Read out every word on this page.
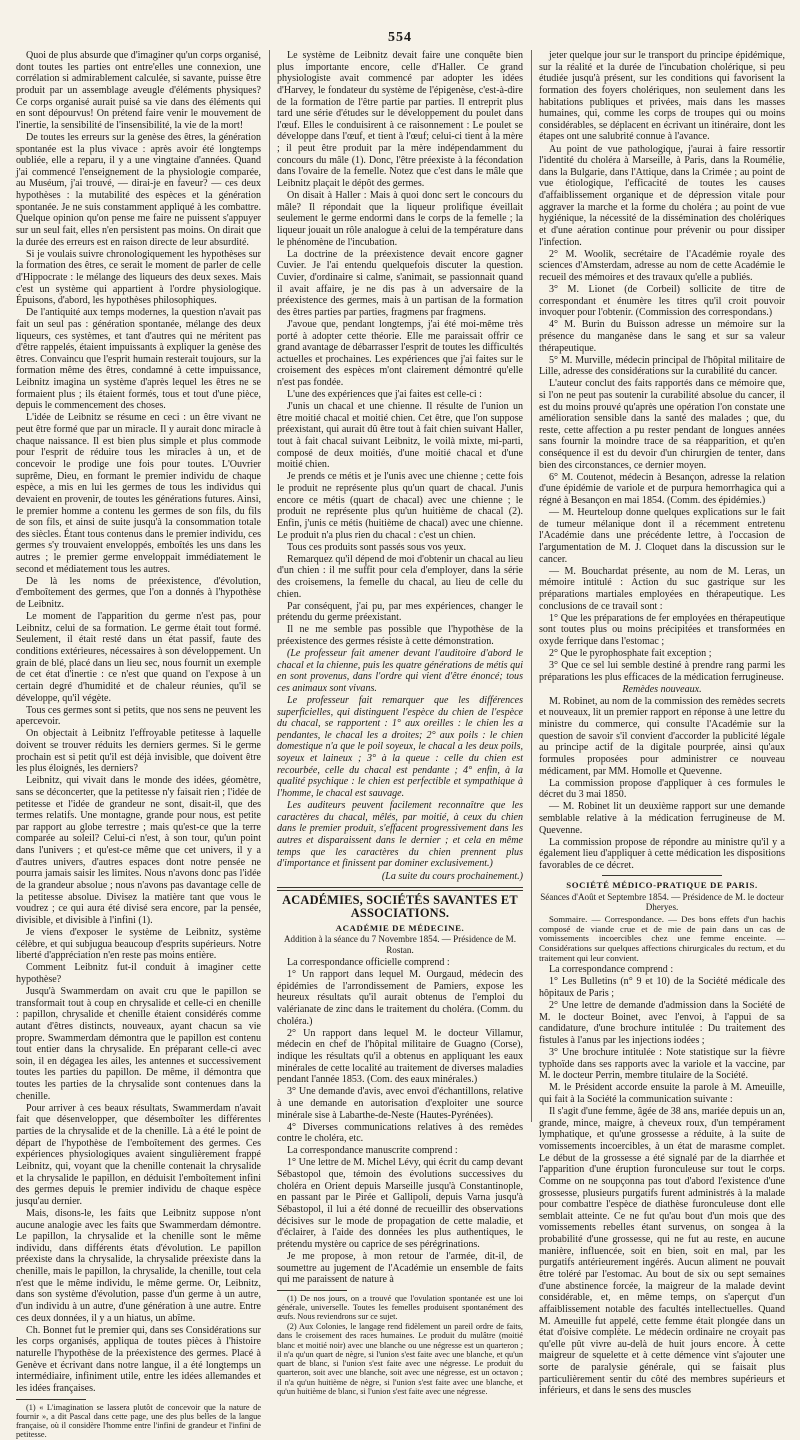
554

Quoi de plus absurde que d'imaginer qu'un corps organisé, dont toutes les parties ont entre'elles une connexion, une corrélation si admirablement calculée, si savante, puisse être produit par un assemblage aveugle d'éléments physiques? Ce corps organisé aurait puisé sa vie dans des éléments qui en sont dépourvus! On prétend faire venir le mouvement de l'inertie, la sensibilité de l'insensibilité, la vie de la mort!

De toutes les erreurs sur la genèse des êtres, la génération spontanée est la plus vivace : après avoir été longtemps oubliée, elle a reparu, il y a une vingtaine d'années. Quand j'ai commencé l'enseignement de la physiologie comparée, au Muséum, j'ai trouvé, — dirai-je en faveur? — ces deux hypothèses : la mutabilité des espèces et la génération spontanée. Je ne suis constamment appliqué à les combattre. Quelque opinion qu'on pense me faire ne puissent s'appuyer sur un seul fait, elles n'en persistent pas moins. On dirait que la durée des erreurs est en raison directe de leur absurdité.

Si je voulais suivre chronologiquement les hypothèses sur la formation des êtres, ce serait le moment de parler de celle d'Hippocrate : le mélange des liqueurs des deux sexes. Mais c'est un système qui appartient à l'ordre physiologique. Épuisons, d'abord, les hypothèses philosophiques.

De l'antiquité aux temps modernes, la question n'avait pas fait un seul pas : génération spontanée, mélange des deux liqueurs, ces systèmes, et tant d'autres qui ne méritent pas d'être rappelés, étaient impuissants à expliquer la genèse des êtres. Convaincu que l'esprit humain resterait toujours, sur la formation même des êtres, condamné à cette impuissance, Leibnitz imagina un système d'après lequel les êtres ne se formaient plus ; ils étaient formés, tous et tout d'une pièce, depuis le commencement des choses.

L'idée de Leibnitz se résume en ceci : un être vivant ne peut être formé que par un miracle. Il y aurait donc miracle à chaque naissance. Il est bien plus simple et plus commode pour l'esprit de réduire tous les miracles à un, et de concevoir le prodige une fois pour toutes. L'Ouvrier suprême, Dieu, en formant le premier individu de chaque espèce, a mis en lui les germes de tous les individus qui devaient en provenir, de toutes les générations futures. Ainsi, le premier homme a contenu les germes de son fils, du fils de son fils, et ainsi de suite jusqu'à la consommation totale des siècles. Étant tous contenus dans le premier individu, ces germes s'y trouvaient enveloppés, emboîtés les uns dans les autres ; le premier germe enveloppait immédiatement le second et médiatement tous les autres.

De là les noms de préexistence, d'évolution, d'emboîtement des germes, que l'on a donnés à l'hypothèse de Leibnitz.

Le moment de l'apparition du germe n'est pas, pour Leibnitz, celui de sa formation. Le germe était tout formé. Seulement, il était resté dans un état passif, faute des conditions extérieures, nécessaires à son développement. Un grain de blé, placé dans un lieu sec, nous fournit un exemple de cet état d'inertie : ce n'est que quand on l'expose à un certain degré d'humidité et de chaleur réunies, qu'il se développe, qu'il végète.

Tous ces germes sont si petits, que nos sens ne peuvent les apercevoir.

On objectait à Leibnitz l'effroyable petitesse à laquelle doivent se trouver réduits les derniers germes. Si le germe prochain est si petit qu'il est déjà invisible, que doivent être les plus éloignés, les derniers?

Leibnitz, qui vivait dans le monde des idées, géomètre, sans se déconcerter, que la petitesse n'y faisait rien ; l'idée de petitesse et l'idée de grandeur ne sont, disait-il, que des termes relatifs. Une montagne, grande pour nous, est petite par rapport au globe terrestre ; mais qu'est-ce que la terre comparée au soleil? Celui-ci n'est, à son tour, qu'un point dans l'univers ; et qu'est-ce même que cet univers, il y a d'autres univers, d'autres espaces dont notre pensée ne pourra jamais saisir les limites. Nous n'avons donc pas l'idée de la grandeur absolue ; nous n'avons pas davantage celle de la petitesse absolue. Divisez la matière tant que vous le voudrez ; ce qui aura été divisé sera encore, par la pensée, divisible, et divisible à l'infini (1).

Je viens d'exposer le système de Leibnitz, système célèbre, et qui subjugua beaucoup d'esprits supérieurs. Notre liberté d'appréciation n'en reste pas moins entière.

Comment Leibnitz fut-il conduit à imaginer cette hypothèse?

Jusqu'à Swammerdam on avait cru que le papillon se transformait tout à coup en chrysalide et celle-ci en chenille : papillon, chrysalide et chenille étaient considérés comme autant d'êtres distincts, nouveaux, ayant chacun sa vie propre. Swammerdam démontra que le papillon est contenu tout entier dans la chrysalide. En préparant celle-ci avec soin, il en dégagea les ailes, les antennes et successivement toutes les parties du papillon. De même, il démontra que toutes les parties de la chrysalide sont contenues dans la chenille.

Pour arriver à ces beaux résultats, Swammerdam n'avait fait que désenvelopper, que désemboîter les différentes parties de la chrysalide et de la chenille. Là a été le point de départ de l'hypothèse de l'emboîtement des germes. Ces expériences physiologiques avaient singulièrement frappé Leibnitz, qui, voyant que la chenille contenait la chrysalide et la chrysalide le papillon, en déduisit l'emboîtement infini des germes depuis le premier individu de chaque espèce jusqu'au dernier.

Mais, disons-le, les faits que Leibnitz suppose n'ont aucune analogie avec les faits que Swammerdam démontre. Le papillon, la chrysalide et la chenille sont le même individu, dans différents états d'évolution. Le papillon préexiste dans la chrysalide, la chrysalide préexiste dans la chenille, mais le papillon, la chrysalide, la chenille, tout cela n'est que le même individu, le même germe. Or, Leibnitz, dans son système d'évolution, passe d'un germe à un autre, d'un individu à un autre, d'une génération à une autre. Entre ces deux données, il y a un hiatus, un abîme.

Ch. Bonnet fut le premier qui, dans ses Considérations sur les corps organisés, appliqua de toutes pièces à l'histoire naturelle l'hypothèse de la préexistence des germes. Placé à Genève et écrivant dans notre langue, il a été longtemps un intermédiaire, infiniment utile, entre les idées allemandes et les idées françaises.

(1) « L'imagination se lassera plutôt de concevoir que la nature de fournir », a dit Pascal dans cette page, une des plus belles de la langue française, où il considère l'homme entre l'infini de grandeur et l'infini de petitesse.

Le système de Leibnitz devait faire une conquête bien plus importante encore, celle d'Haller. Ce grand physiologiste avait commencé par adopter les idées d'Harvey, le fondateur du système de l'épigenèse, c'est-à-dire de la formation de l'être partie par parties. Il entreprit plus tard une série d'études sur le développement du poulet dans l'œuf. Elles le conduisirent à ce raisonnement : Le poulet se développe dans l'œuf, et tient à l'œuf; celui-ci tient à la mère ; il peut être produit par la mère indépendamment du concours du mâle (1). Donc, l'être préexiste à la fécondation dans l'ovaire de la femelle. Notez que c'est dans le mâle que Leibnitz plaçait le dépôt des germes.

On disait à Haller : Mais à quoi donc sert le concours du mâle? Il répondait que la liqueur prolifique éveillait seulement le germe endormi dans le corps de la femelle ; la liqueur jouait un rôle analogue à celui de la température dans le phénomène de l'incubation.

La doctrine de la préexistence devait encore gagner Cuvier. Je l'ai entendu quelquefois discuter la question. Cuvier, d'ordinaire si calme, s'animait, se passionnait quand il avait affaire, je ne dis pas à un adversaire de la préexistence des germes, mais à un partisan de la formation des êtres parties par parties, fragmens par fragmens.

J'avoue que, pendant longtemps, j'ai été moi-même très porté à adopter cette théorie. Elle me paraissait offrir ce grand avantage de débarrasser l'esprit de toutes les difficultés actuelles et prochaines. Les expériences que j'ai faites sur le croisement des espèces m'ont clairement démontré qu'elle n'est pas fondée.

L'une des expériences que j'ai faites est celle-ci :

J'unis un chacal et une chienne. Il résulte de l'union un être moitié chacal et moitié chien. Cet être, que l'on suppose préexistant, qui aurait dû être tout à fait chien suivant Haller, tout à fait chacal suivant Leibnitz, le voilà mixte, mi-parti, composé de deux moitiés, d'une moitié chacal et d'une moitié chien.

Je prends ce métis et je l'unis avec une chienne ; cette fois le produit ne représente plus qu'un quart de chacal. J'unis encore ce métis (quart de chacal) avec une chienne ; le produit ne représente plus qu'un huitième de chacal (2). Enfin, j'unis ce métis (huitième de chacal) avec une chienne. Le produit n'a plus rien du chacal : c'est un chien.

Tous ces produits sont passés sous vos yeux.

Remarquez qu'il dépend de moi d'obtenir un chacal au lieu d'un chien : il me suffit pour cela d'employer, dans la série des croisemens, la femelle du chacal, au lieu de celle du chien.

Par conséquent, j'ai pu, par mes expériences, changer le prétendu du germe préexistant.

Il ne me semble pas possible que l'hypothèse de la préexistence des germes résiste à cette démonstration.

(Le professeur fait amener devant l'auditoire d'abord le chacal et la chienne, puis les quatre générations de métis qui en sont provenus, dans l'ordre qui vient d'être énoncé; tous ces animaux sont vivans.

Le professeur fait remarquer que les différences superficielles, qui distinguent l'espèce du chien de l'espèce du chacal, se rapportent : 1° aux oreilles : le chien les a pendantes, le chacal les a droites; 2° aux poils : le chien domestique n'a que le poil soyeux, le chacal a les deux poils, soyeux et laineux ; 3° à la queue : celle du chien est recourbée, celle du chacal est pendante ; 4° enfin, à la qualité psychique : le chien est perfectible et sympathique à l'homme, le chacal est sauvage.

Les auditeurs peuvent facilement reconnaître que les caractères du chacal, mêlés, par moitié, à ceux du chien dans le premier produit, s'effacent progressivement dans les autres et disparaissent dans le dernier ; et cela en même temps que les caractères du chien prennent plus d'importance et finissent par dominer exclusivement.)

(La suite du cours prochainement.)

ACADÉMIES, SOCIÉTÉS SAVANTES ET ASSOCIATIONS.
ACADÉMIE DE MÉDECINE.
Addition à la séance du 7 Novembre 1854. — Présidence de M. Rostan.

La correspondance officielle comprend :

1° Un rapport dans lequel M. Ourgaud, médecin des épidémies de l'arrondissement de Pamiers, expose les heureux résultats qu'il aurait obtenus de l'emploi du valérianate de zinc dans le traitement du choléra. (Comm. du choléra.)

2° Un rapport dans lequel M. le docteur Villamur, médecin en chef de l'hôpital militaire de Guagno (Corse), indique les résultats qu'il a obtenus en appliquant les eaux minérales de cette localité au traitement de diverses maladies pendant l'année 1853. (Com. des eaux minérales.)

3° Une demande d'avis, avec envoi d'échantillons, relative à une demande en autorisation d'exploiter une source minérale sise à Labarthe-de-Neste (Hautes-Pyrénées).

4° Diverses communications relatives à des remèdes contre le choléra, etc.

La correspondance manuscrite comprend :

1° Une lettre de M. Michel Lévy, qui écrit du camp devant Sébastopol que, témoin des évolutions successives du choléra en Orient depuis Marseille jusqu'à Constantinople, en passant par le Pirée et Gallipoli, depuis Varna jusqu'à Sébastopol, il lui a été donné de recueillir des observations décisives sur le mode de propagation de cette maladie, et d'éclairer, à l'aide des données les plus authentiques, le prétendu mystère ou caprice de ses pérégrinations.

Je me propose, à mon retour de l'armée, dit-il, de soumettre au jugement de l'Académie un ensemble de faits qui me paraissent de nature à

(1) De nos jours, on a trouvé que l'ovulation spontanée est une loi générale, universelle. Toutes les femelles produisent spontanément des œufs. Nous reviendrons sur ce sujet.

(2) Aux Colonies, le langage rend fidèlement un pareil ordre de faits, dans le croisement des races humaines. Le produit du mulâtre (moitié blanc et moitié noir) avec une blanche ou une négresse est un quarteron ; il n'a qu'un quart de nègre, si l'union s'est faite avec une blanche, et qu'un quart de blanc, si l'union s'est faite avec une négresse. Le produit du quarteron, soit avec une blanche, soit avec une négresse, est un octavon ; il n'a qu'un huitième de nègre, si l'union s'est faite avec une blanche, et qu'un huitième de blanc, si l'union s'est faite avec une négresse.

jeter quelque jour sur le transport du principe épidémique, sur la réalité et la durée de l'incubation cholérique, si peu étudiée jusqu'à présent, sur les conditions qui favorisent la formation des foyers cholériques, non seulement dans les habitations publiques et privées, mais dans les masses humaines, qui, comme les corps de troupes qui ou moins considérables, se déplacent en écrivant un itinéraire, dont les étapes ont une salubrité connue à l'avance.

Au point de vue pathologique, j'aurai à faire ressortir l'identité du choléra à Marseille, à Paris, dans la Roumélie, dans la Bulgarie, dans l'Attique, dans la Crimée ; au point de vue étiologique, l'efficacité de toutes les causes d'affaiblissement organique et de dépression vitale pour aggraver la marche et la forme du choléra ; au point de vue hygiénique, la nécessité de la dissémination des cholériques et d'une aération continue pour prévenir ou pour dissiper l'infection.

2° M. Woolik, secrétaire de l'Académie royale des sciences d'Amsterdam, adresse au nom de cette Académie le recueil des mémoires et des travaux qu'elle a publiés.

3° M. Lionet (de Corbeil) sollicite de titre de correspondant et énumère les titres qu'il croit pouvoir invoquer pour l'obtenir. (Commission des correspondans.)

4° M. Burin du Buisson adresse un mémoire sur la présence du manganèse dans le sang et sur sa valeur thérapeutique.

5° M. Murville, médecin principal de l'hôpital militaire de Lille, adresse des considérations sur la curabilité du cancer.

L'auteur conclut des faits rapportés dans ce mémoire que, si l'on ne peut pas soutenir la curabilité absolue du cancer, il est du moins prouvé qu'après une opération l'on constate une amélioration sensible dans la santé des malades ; que, du reste, cette affection a pu rester pendant de longues années sans fournir la moindre trace de sa réapparition, et qu'en conséquence il est du devoir d'un chirurgien de tenter, dans bien des circonstances, ce dernier moyen.

6° M. Coutenot, médecin à Besançon, adresse la relation d'une épidémie de variole et de purpura hemorrhagica qui a régné à Besançon en mai 1854. (Comm. des épidémies.)

— M. Heurteloup donne quelques explications sur le fait de tumeur mélanique dont il a récemment entretenu l'Académie dans une précédente lettre, à l'occasion de l'argumentation de M. J. Cloquet dans la discussion sur le cancer.

— M. Bouchardat présente, au nom de M. Leras, un mémoire intitulé : Action du suc gastrique sur les préparations martiales employées en thérapeutique. Les conclusions de ce travail sont :

1° Que les préparations de fer employées en thérapeutique sont toutes plus ou moins précipitées et transformées en oxyde ferrique dans l'estomac ;

2° Que le pyrophosphate fait exception ;

3° Que ce sel lui semble destiné à prendre rang parmi les préparations les plus efficaces de la médication ferrugineuse.

Remèdes nouveaux.

M. Robinet, au nom de la commission des remèdes secrets et nouveaux, lit un premier rapport en réponse à une lettre du ministre du commerce, qui consulte l'Académie sur la question de savoir s'il convient d'accorder la publicité légale au principe actif de la digitale pourprée, ainsi qu'aux formules proposées pour administrer ce nouveau médicament, par MM. Homolle et Quevenne.

La commission propose d'appliquer à ces formules le décret du 3 mai 1850.

— M. Robinet lit un deuxième rapport sur une demande semblable relative à la médication ferrugineuse de M. Quevenne.

La commission propose de répondre au ministre qu'il y a également lieu d'appliquer à cette médication les dispositions favorables de ce décret.

SOCIÉTÉ MÉDICO-PRATIQUE DE PARIS.
Séances d'Août et Septembre 1854. — Présidence de M. le docteur Dheryes.

Sommaire. — Correspondance. — Des bons effets d'un hachis composé de viande crue et de mie de pain dans un cas de vomissements incoercibles chez une femme enceinte. — Considérations sur quelques affections chirurgicales du rectum, et du traitement qui leur convient.

La correspondance comprend :

1° Les Bulletins (n° 9 et 10) de la Société médicale des hôpitaux de Paris ;

2° Une lettre de demande d'admission dans la Société de M. le docteur Boinet, avec l'envoi, à l'appui de sa candidature, d'une brochure intitulée : Du traitement des fistules à l'anus par les injections iodées ;

3° Une brochure intitulée : Note statistique sur la fièvre typhoïde dans ses rapports avec la variole et la vaccine, par M. le docteur Perrin, membre titulaire de la Société.

M. le Président accorde ensuite la parole à M. Ameuille, qui fait à la Société la communication suivante :

Il s'agit d'une femme, âgée de 38 ans, mariée depuis un an, grande, mince, maigre, à cheveux roux, d'un tempérament lymphatique, et qu'une grossesse a réduite, à la suite de vomissements incoercibles, à un état de marasme complet. Le début de la grossesse a été signalé par de la diarrhée et l'apparition d'une éruption furonculeuse sur tout le corps. Comme on ne soupçonna pas tout d'abord l'existence d'une grossesse, plusieurs purgatifs furent administrés à la malade pour combattre l'espèce de diathèse furonculeuse dont elle semblait atteinte. Ce ne fut qu'au bout d'un mois que des vomissements rebelles étant survenus, on songea à la probabilité d'une grossesse, qui ne fut au reste, en aucune manière, influencée, soit en bien, soit en mal, par les purgatifs antérieurement ingérés. Aucun aliment ne pouvait être toléré par l'estomac. Au bout de six ou sept semaines d'une abstinence forcée, la maigreur de la malade devint considérable, et, en même temps, on s'aperçut d'un affaiblissement notable des facultés intellectuelles. Quand M. Ameuille fut appelé, cette femme était plongée dans un état d'oisive complète. Le médecin ordinaire ne croyait pas qu'elle pût vivre au-delà de huit jours encore. À cette maigreur de squelette et à cette démence vint s'ajouter une sorte de paralysie générale, qui se faisait plus particulièrement sentir du côté des membres supérieurs et inférieurs, et dans le sens des muscles
